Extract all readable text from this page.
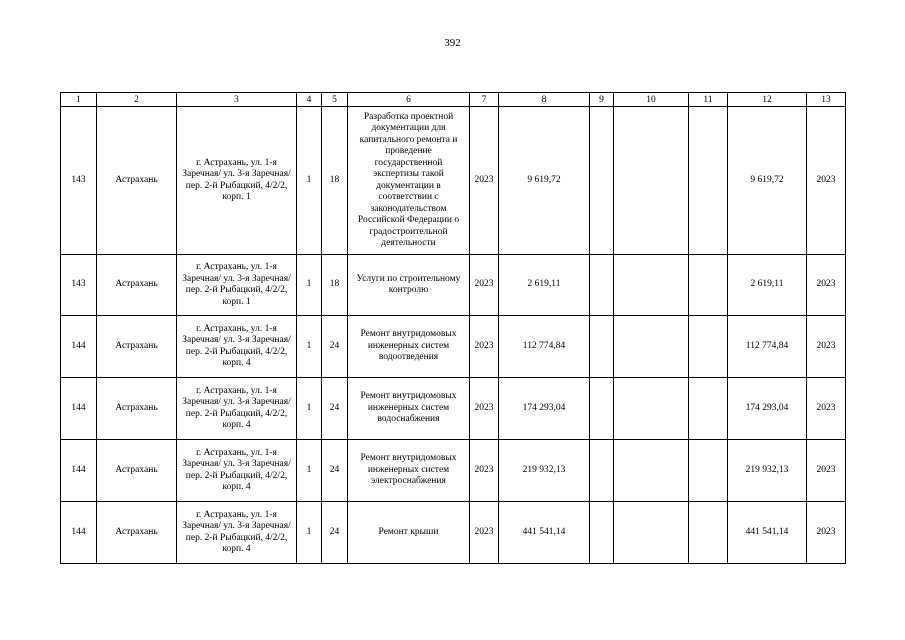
392
1	2	3	4	5	6	7	8	9	10	11	12	13
143	Астрахань	г. Астрахань, ул. 1-я Заречная/ ул. 3-я Заречная/ пер. 2-й Рыбацкий, 4/2/2, корп. 1	1	18	Разработка проектной документации для капитального ремонта и проведение государственной экспертизы такой документации в соответствии с законодательством Российской Федерации о градостроительной деятельности	2023	9 619,72				9 619,72	2023
143	Астрахань	г. Астрахань, ул. 1-я Заречная/ ул. 3-я Заречная/ пер. 2-й Рыбацкий, 4/2/2, корп. 1	1	18	Услуги по строительному контролю	2023	2 619,11				2 619,11	2023
144	Астрахань	г. Астрахань, ул. 1-я Заречная/ ул. 3-я Заречная/ пер. 2-й Рыбацкий, 4/2/2, корп. 4	1	24	Ремонт внутридомовых инженерных систем водоотведения	2023	112 774,84				112 774,84	2023
144	Астрахань	г. Астрахань, ул. 1-я Заречная/ ул. 3-я Заречная/ пер. 2-й Рыбацкий, 4/2/2, корп. 4	1	24	Ремонт внутридомовых инженерных систем водоснабжения	2023	174 293,04				174 293,04	2023
144	Астрахань	г. Астрахань, ул. 1-я Заречная/ ул. 3-я Заречная/ пер. 2-й Рыбацкий, 4/2/2, корп. 4	1	24	Ремонт внутридомовых инженерных систем электроснабжения	2023	219 932,13				219 932,13	2023
144	Астрахань	г. Астрахань, ул. 1-я Заречная/ ул. 3-я Заречная/ пер. 2-й Рыбацкий, 4/2/2, корп. 4	1	24	Ремонт крыши	2023	441 541,14				441 541,14	2023
